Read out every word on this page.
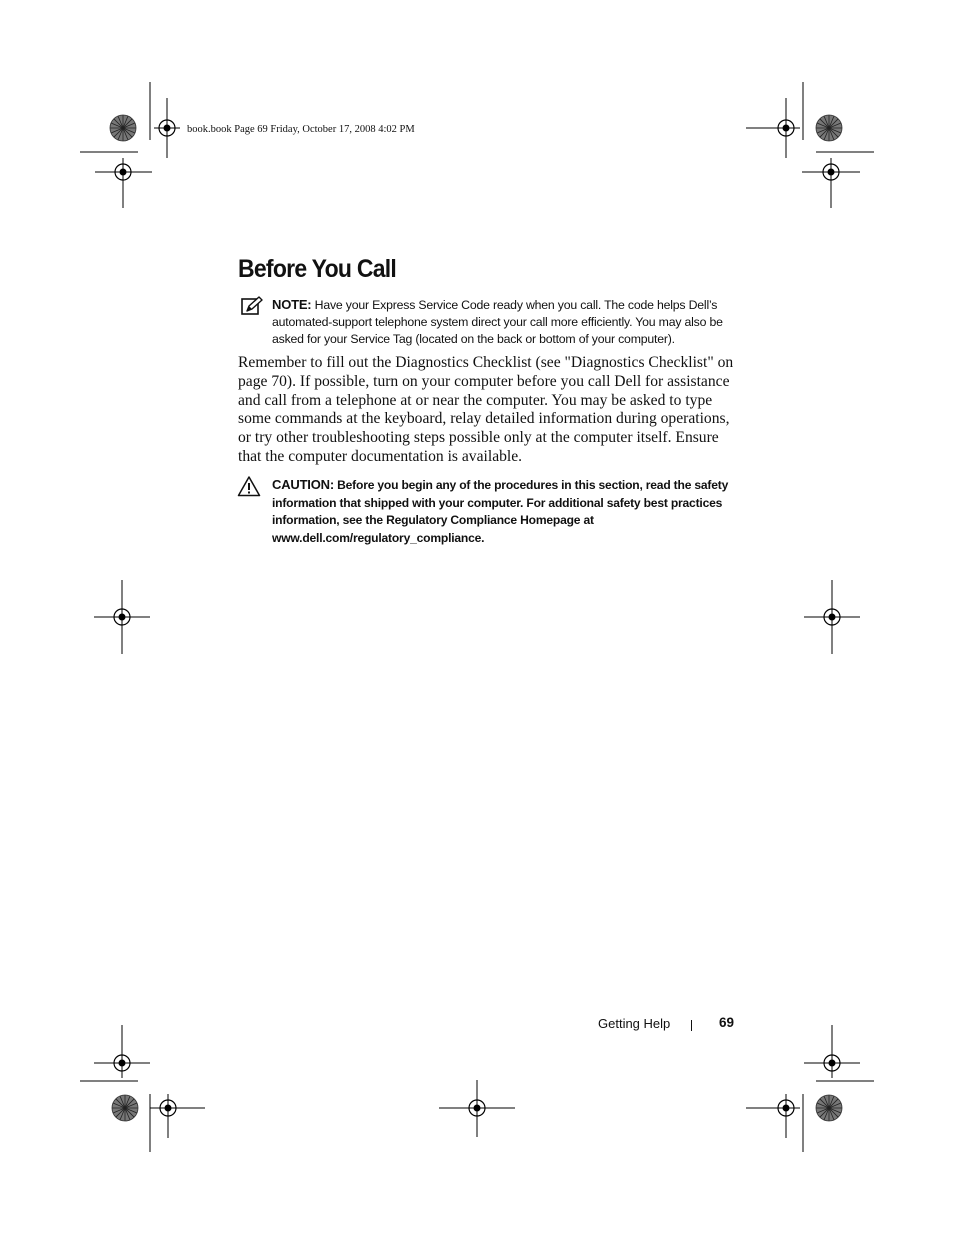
book.book Page 69 Friday, October 17, 2008 4:02 PM
Before You Call
NOTE: Have your Express Service Code ready when you call. The code helps Dell’s automated-support telephone system direct your call more efficiently. You may also be asked for your Service Tag (located on the back or bottom of your computer).

Remember to fill out the Diagnostics Checklist (see "Diagnostics Checklist" on page 70). If possible, turn on your computer before you call Dell for assistance and call from a telephone at or near the computer. You may be asked to type some commands at the keyboard, relay detailed information during operations, or try other troubleshooting steps possible only at the computer itself. Ensure that the computer documentation is available.

CAUTION: Before you begin any of the procedures in this section, read the safety information that shipped with your computer. For additional safety best practices information, see the Regulatory Compliance Homepage at www.dell.com/regulatory_compliance.
Getting Help	69
